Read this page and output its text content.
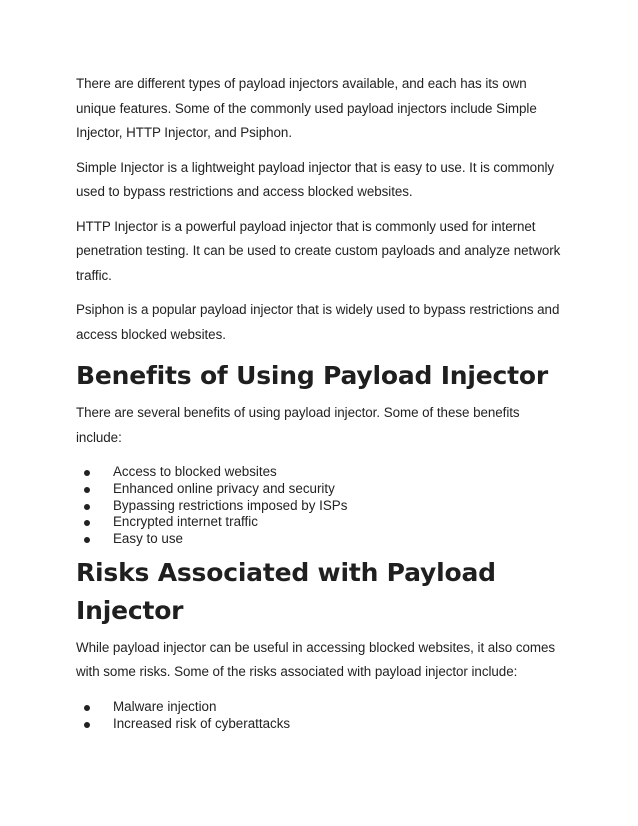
There are different types of payload injectors available, and each has its own unique features. Some of the commonly used payload injectors include Simple Injector, HTTP Injector, and Psiphon.

Simple Injector is a lightweight payload injector that is easy to use. It is commonly used to bypass restrictions and access blocked websites.

HTTP Injector is a powerful payload injector that is commonly used for internet penetration testing. It can be used to create custom payloads and analyze network traffic.

Psiphon is a popular payload injector that is widely used to bypass restrictions and access blocked websites.

Benefits of Using Payload Injector

There are several benefits of using payload injector. Some of these benefits include:

Access to blocked websites
Enhanced online privacy and security
Bypassing restrictions imposed by ISPs
Encrypted internet traffic
Easy to use
Risks Associated with Payload Injector

While payload injector can be useful in accessing blocked websites, it also comes with some risks. Some of the risks associated with payload injector include:

Malware injection
Increased risk of cyberattacks
